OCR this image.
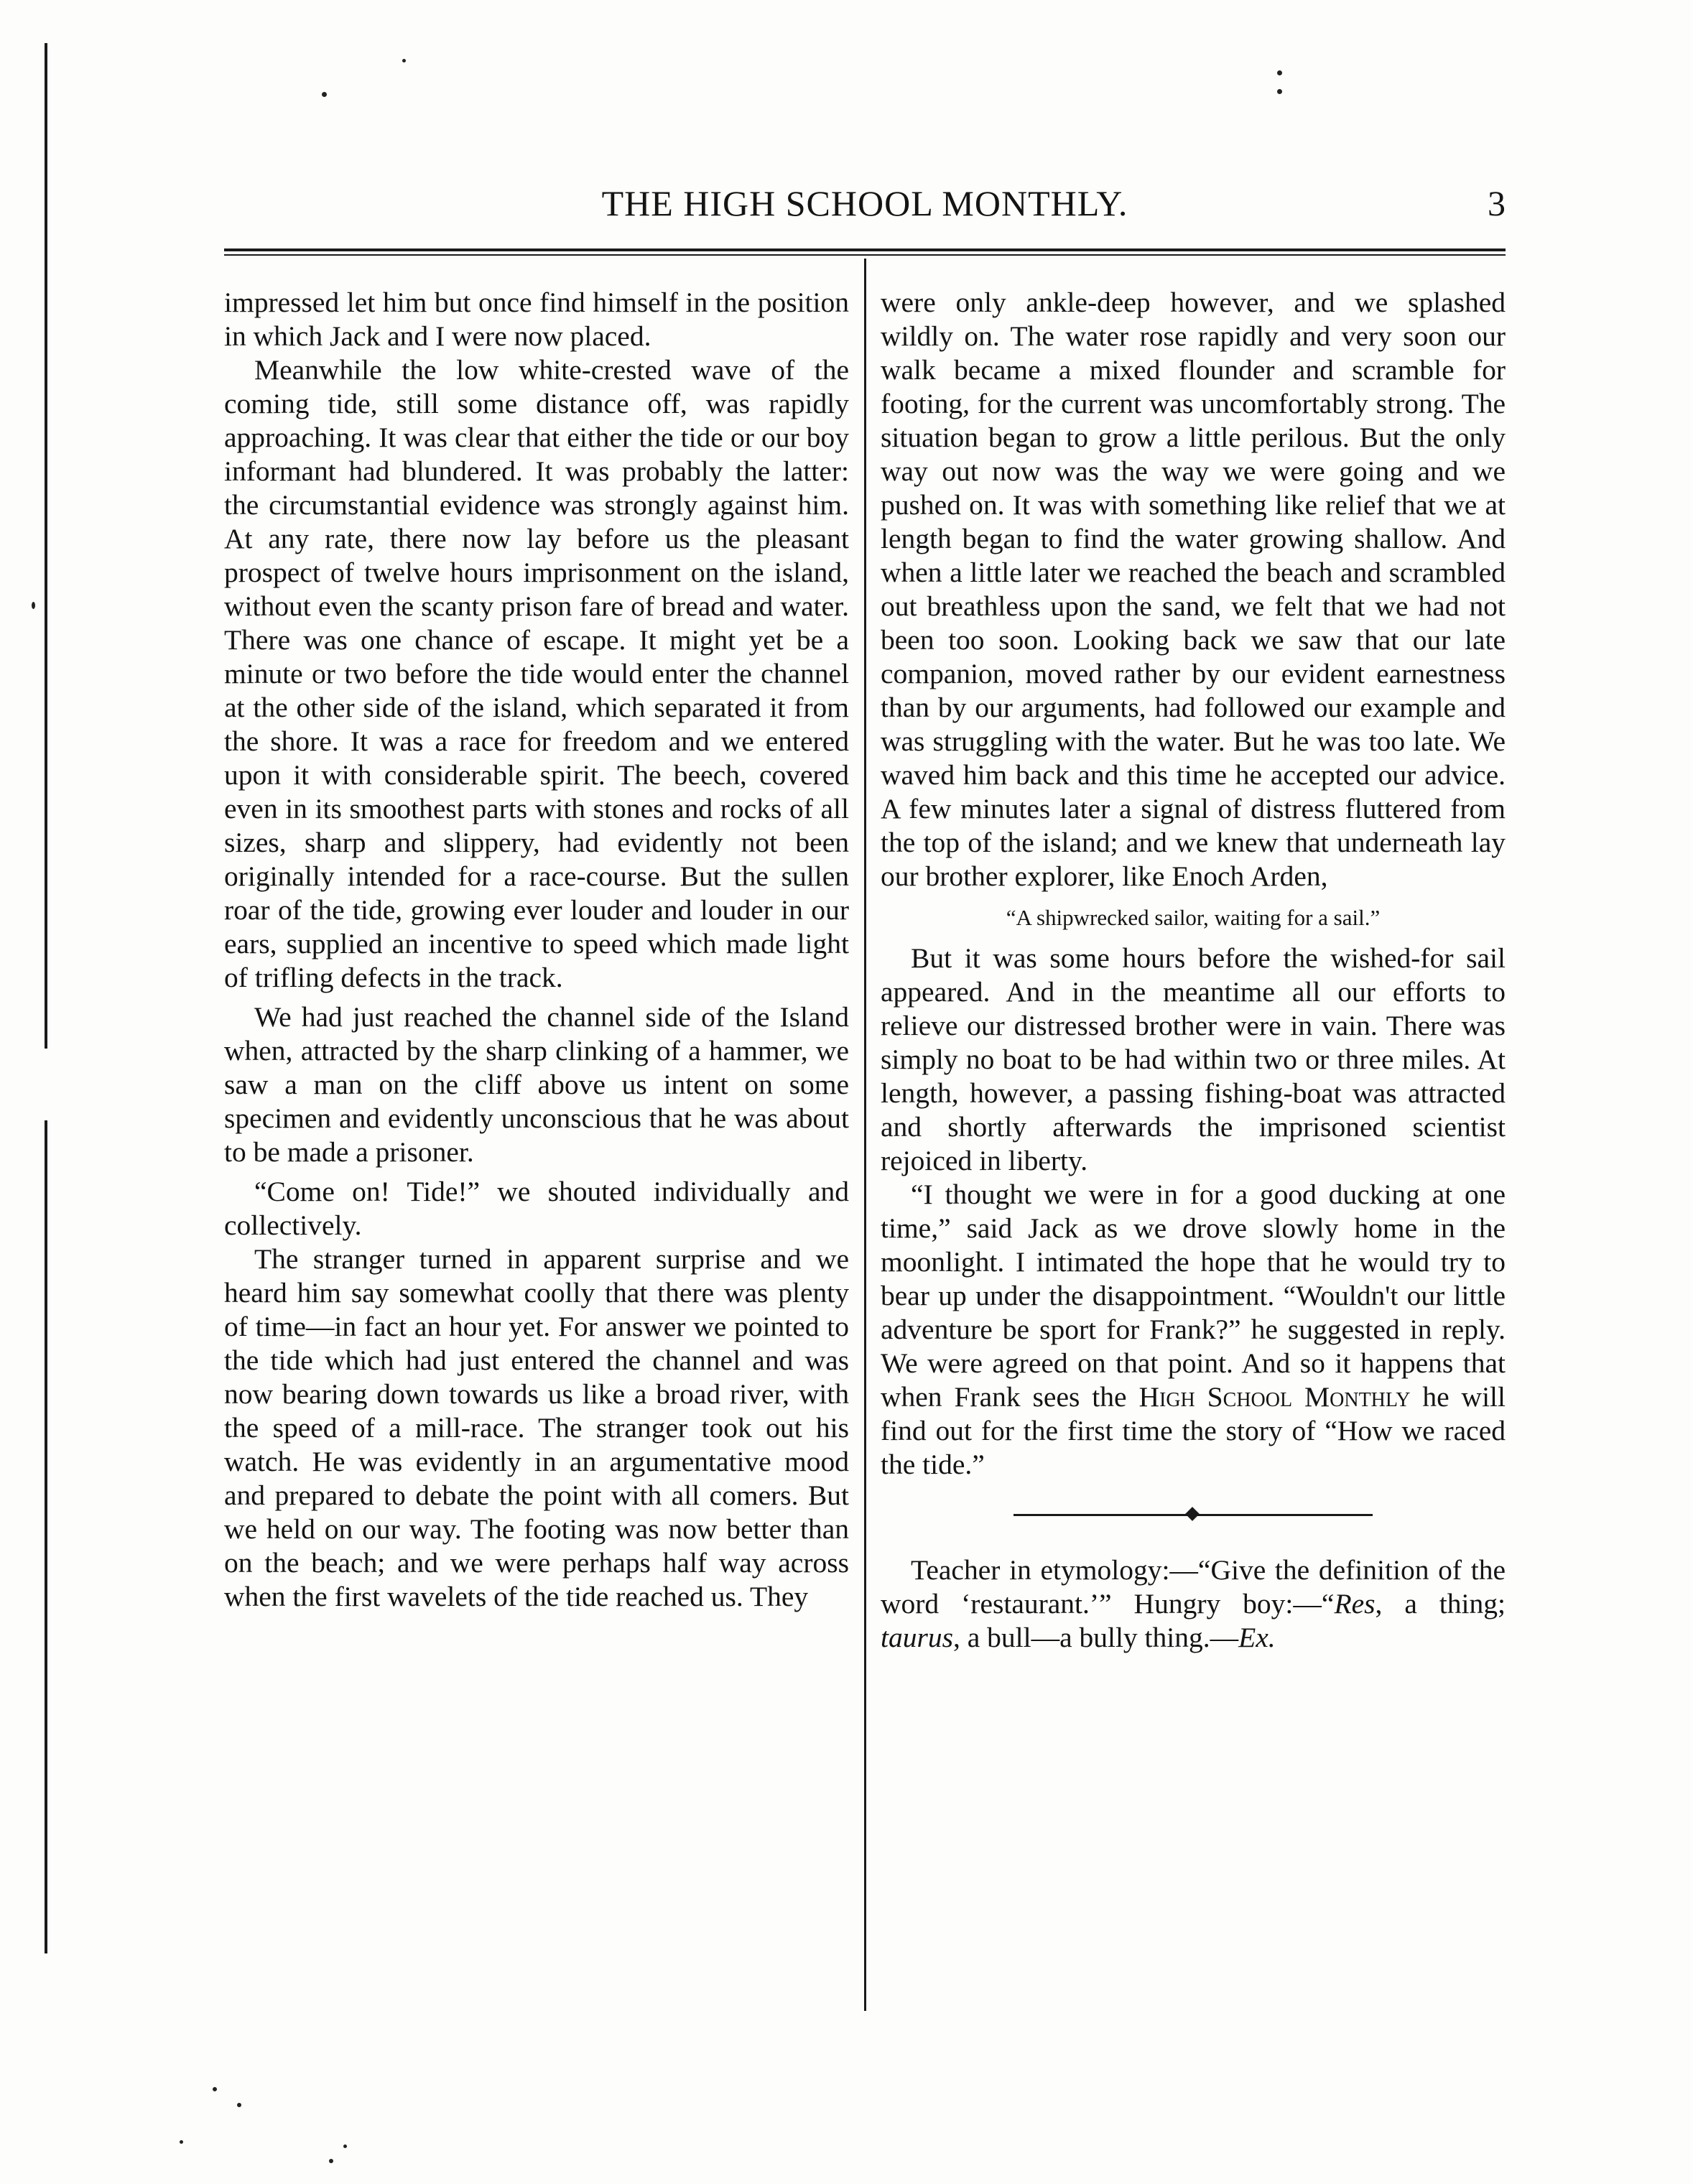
THE HIGH SCHOOL MONTHLY.	3

impressed let him but once find himself in the position in which Jack and I were now placed.

Meanwhile the low white-crested wave of the coming tide, still some distance off, was rapidly approaching. It was clear that either the tide or our boy informant had blundered. It was probably the latter: the circumstantial evidence was strongly against him. At any rate, there now lay before us the pleasant prospect of twelve hours imprisonment on the island, without even the scanty prison fare of bread and water. There was one chance of escape. It might yet be a minute or two before the tide would enter the channel at the other side of the island, which separated it from the shore. It was a race for freedom and we entered upon it with considerable spirit. The beech, covered even in its smoothest parts with stones and rocks of all sizes, sharp and slippery, had evidently not been originally intended for a race-course. But the sullen roar of the tide, growing ever louder and louder in our ears, supplied an incentive to speed which made light of trifling defects in the track.

We had just reached the channel side of the Island when, attracted by the sharp clinking of a hammer, we saw a man on the cliff above us intent on some specimen and evidently unconscious that he was about to be made a prisoner.

“Come on! Tide!” we shouted individually and collectively.

The stranger turned in apparent surprise and we heard him say somewhat coolly that there was plenty of time—in fact an hour yet. For answer we pointed to the tide which had just entered the channel and was now bearing down towards us like a broad river, with the speed of a mill-race. The stranger took out his watch. He was evidently in an argumentative mood and prepared to debate the point with all comers. But we held on our way. The footing was now better than on the beach; and we were perhaps half way across when the first wavelets of the tide reached us. They

were only ankle-deep however, and we splashed wildly on. The water rose rapidly and very soon our walk became a mixed flounder and scramble for footing, for the current was uncomfortably strong. The situation began to grow a little perilous. But the only way out now was the way we were going and we pushed on. It was with something like relief that we at length began to find the water growing shallow. And when a little later we reached the beach and scrambled out breathless upon the sand, we felt that we had not been too soon. Looking back we saw that our late companion, moved rather by our evident earnestness than by our arguments, had followed our example and was struggling with the water. But he was too late. We waved him back and this time he accepted our advice. A few minutes later a signal of distress fluttered from the top of the island; and we knew that underneath lay our brother explorer, like Enoch Arden,

“A shipwrecked sailor, waiting for a sail.”

But it was some hours before the wished-for sail appeared. And in the meantime all our efforts to relieve our distressed brother were in vain. There was simply no boat to be had within two or three miles. At length, however, a passing fishing-boat was attracted and shortly afterwards the imprisoned scientist rejoiced in liberty.

“I thought we were in for a good ducking at one time,” said Jack as we drove slowly home in the moonlight. I intimated the hope that he would try to bear up under the disappointment. “Wouldn't our little adventure be sport for Frank?” he suggested in reply. We were agreed on that point. And so it happens that when Frank sees the High School Monthly he will find out for the first time the story of “How we raced the tide.”

Teacher in etymology:—“Give the definition of the word ‘restaurant.’” Hungry boy:—“Res, a thing; taurus, a bull—a bully thing.—Ex.
